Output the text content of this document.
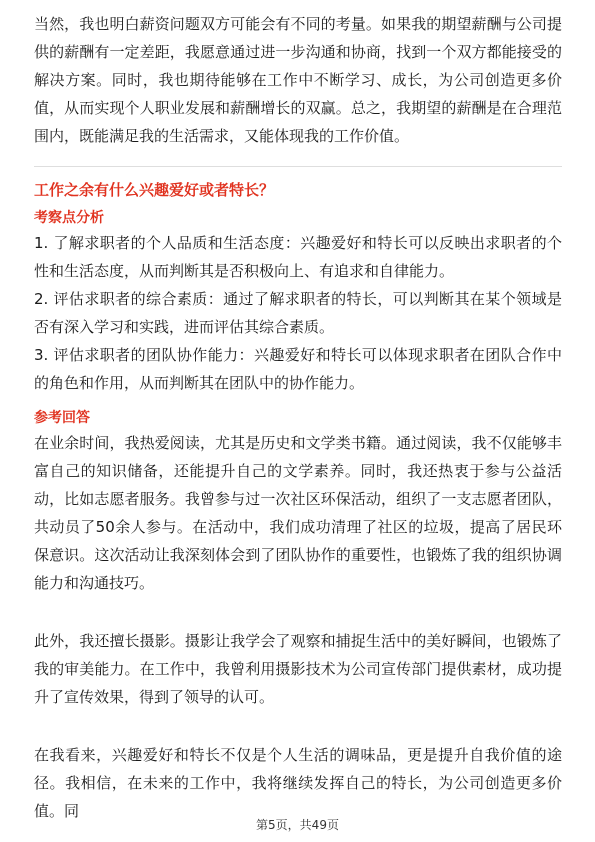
当然，我也明白薪资问题双方可能会有不同的考量。如果我的期望薪酬与公司提供的薪酬有一定差距，我愿意通过进一步沟通和协商，找到一个双方都能接受的解决方案。同时，我也期待能够在工作中不断学习、成长，为公司创造更多价值，从而实现个人职业发展和薪酬增长的双赢。总之，我期望的薪酬是在合理范围内，既能满足我的生活需求，又能体现我的工作价值。

工作之余有什么兴趣爱好或者特长？
考察点分析
1. 了解求职者的个人品质和生活态度：兴趣爱好和特长可以反映出求职者的个性和生活态度，从而判断其是否积极向上、有追求和自律能力。
2. 评估求职者的综合素质：通过了解求职者的特长，可以判断其在某个领域是否有深入学习和实践，进而评估其综合素质。
3. 评估求职者的团队协作能力：兴趣爱好和特长可以体现求职者在团队合作中的角色和作用，从而判断其在团队中的协作能力。
参考回答

在业余时间，我热爱阅读，尤其是历史和文学类书籍。通过阅读，我不仅能够丰富自己的知识储备，还能提升自己的文学素养。同时，我还热衷于参与公益活动，比如志愿者服务。我曾参与过一次社区环保活动，组织了一支志愿者团队，共动员了50余人参与。在活动中，我们成功清理了社区的垃圾，提高了居民环保意识。这次活动让我深刻体会到了团队协作的重要性，也锻炼了我的组织协调能力和沟通技巧。

此外，我还擅长摄影。摄影让我学会了观察和捕捉生活中的美好瞬间，也锻炼了我的审美能力。在工作中，我曾利用摄影技术为公司宣传部门提供素材，成功提升了宣传效果，得到了领导的认可。

在我看来，兴趣爱好和特长不仅是个人生活的调味品，更是提升自我价值的途径。我相信，在未来的工作中，我将继续发挥自己的特长，为公司创造更多价值。同

第5页，共49页
